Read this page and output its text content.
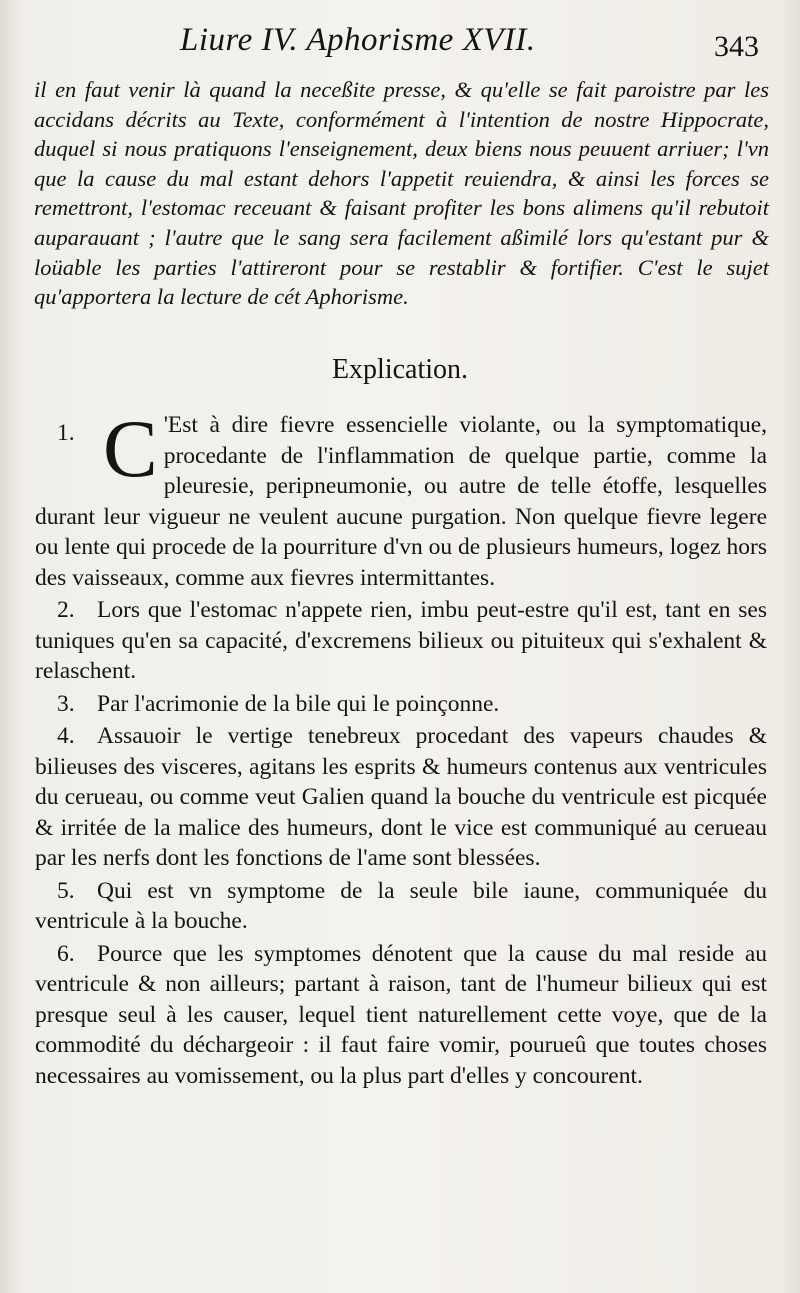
Liure IV. Aphorisme XVII.	343
il en faut venir là quand la neceßite presse, & qu'elle se fait paroistre par les accidans décrits au Texte, conformément à l'intention de nostre Hippocrate, duquel si nous pratiquons l'enseignement, deux biens nous peuuent arriuer; l'vn que la cause du mal estant dehors l'appetit reuiendra, & ainsi les forces se remettront, l'estomac receuant & faisant profiter les bons alimens qu'il rebutoit auparauant ; l'autre que le sang sera facilement aßimilé lors qu'estant pur & loüable les parties l'attireront pour se restablir & fortifier. C'est le sujet qu'apportera la lecture de cét Aphorisme.
Explication.
1. C 'Est à dire fievre essencielle violante, ou la symptomatique, procedante de l'inflammation de quelque partie, comme la pleuresie, peripneumonie, ou autre de telle étoffe, lesquelles durant leur vigueur ne veulent aucune purgation. Non quelque fievre legere ou lente qui procede de la pourriture d'vn ou de plusieurs humeurs, logez hors des vaisseaux, comme aux fievres intermittantes.
2. Lors que l'estomac n'appete rien, imbu peut-estre qu'il est, tant en ses tuniques qu'en sa capacité, d'excremens bilieux ou pituiteux qui s'exhalent & relaschent.
3. Par l'acrimonie de la bile qui le poinçonne.
4. Assauoir le vertige tenebreux procedant des vapeurs chaudes & bilieuses des visceres, agitans les esprits & humeurs contenus aux ventricules du cerueau, ou comme veut Galien quand la bouche du ventricule est picquée & irritée de la malice des humeurs, dont le vice est communiqué au cerueau par les nerfs dont les fonctions de l'ame sont blessées.
5. Qui est vn symptome de la seule bile iaune, communiquée du ventricule à la bouche.
6. Pource que les symptomes dénotent que la cause du mal reside au ventricule & non ailleurs; partant à raison, tant de l'humeur bilieux qui est presque seul à les causer, lequel tient naturellement cette voye, que de la commodité du déchargeoir : il faut faire vomir, pourueû que toutes choses necessaires au vomissement, ou la plus part d'elles y concourent.
